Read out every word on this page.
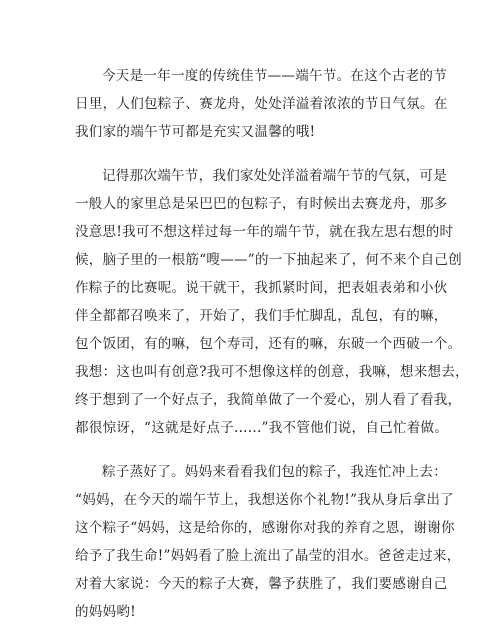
今天是一年一度的传统佳节——端午节。在这个古老的节
日里，人们包粽子、赛龙舟，处处洋溢着浓浓的节日气氛。在
我们家的端午节可都是充实又温馨的哦!
记得那次端午节，我们家处处洋溢着端午节的气氛，可是
一般人的家里总是呆巴巴的包粽子，有时候出去赛龙舟，那多
没意思!我可不想这样过每一年的端午节，就在我左思右想的时
候，脑子里的一根筋“嗖——”的一下抽起来了，何不来个自己创
作粽子的比赛呢。说干就干，我抓紧时间，把表姐表弟和小伙
伴全都都召唤来了，开始了，我们手忙脚乱，乱包，有的嘛，
包个饭团，有的嘛，包个寿司，还有的嘛，东破一个西破一个。
我想：这也叫有创意?我可不想像这样的创意，我嘛，想来想去，
终于想到了一个好点子，我简单做了一个爱心，别人看了看我，
都很惊讶，“这就是好点子......”我不管他们说，自己忙着做。
粽子蒸好了。妈妈来看看我们包的粽子，我连忙冲上去：
“妈妈，在今天的端午节上，我想送你个礼物!”我从身后拿出了
这个粽子“妈妈，这是给你的，感谢你对我的养育之恩，谢谢你
给予了我生命!”妈妈看了脸上流出了晶莹的泪水。爸爸走过来，
对着大家说：今天的粽子大赛，馨予获胜了，我们要感谢自己
的妈妈哟!
